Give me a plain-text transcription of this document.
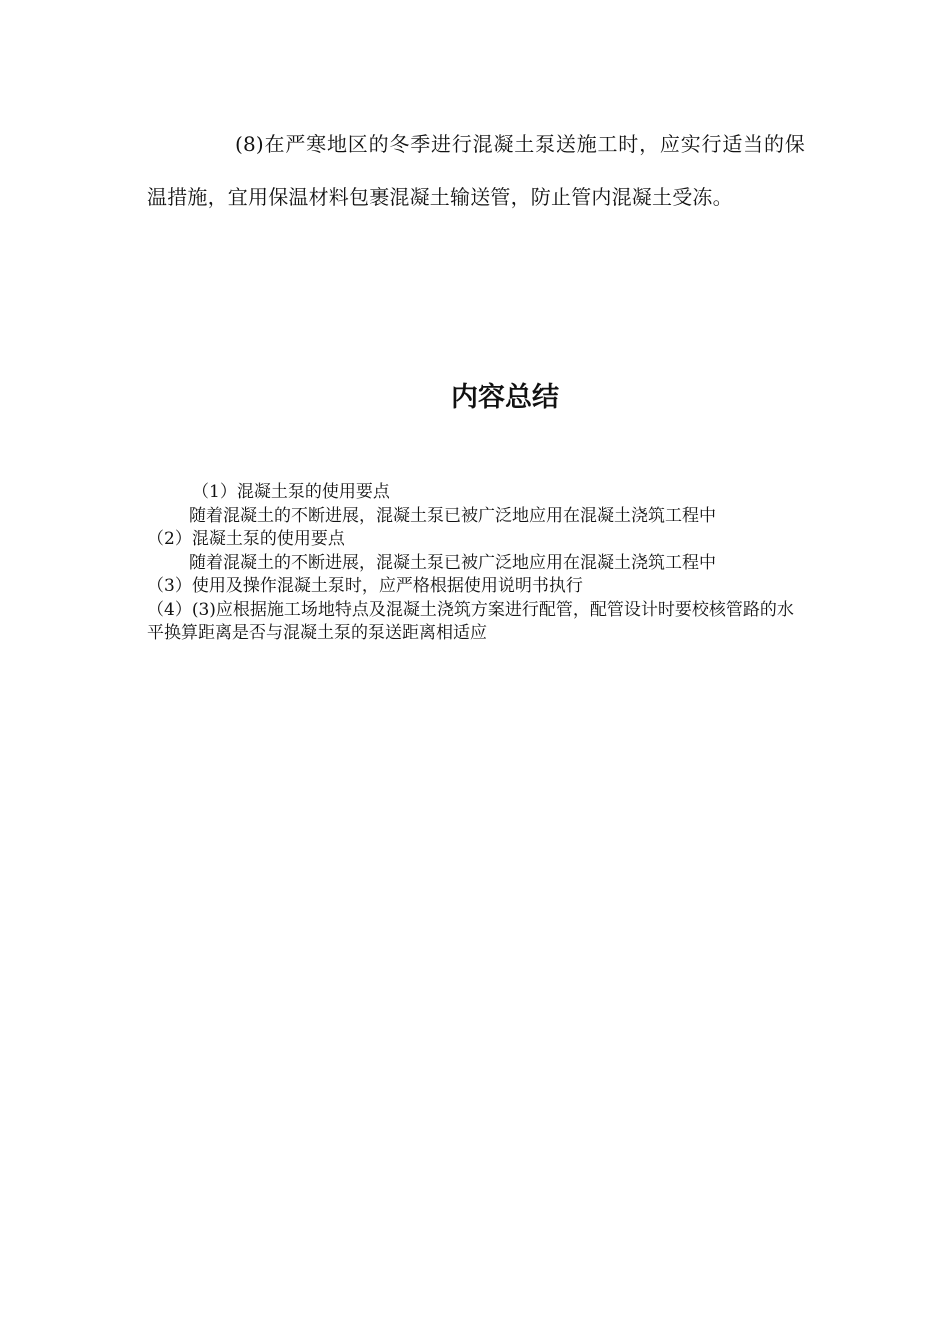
(8)在严寒地区的冬季进行混凝土泵送施工时，应实行适当的保温措施，宜用保温材料包裹混凝土输送管，防止管内混凝土受冻。

内容总结

（1）混凝土泵的使用要点

随着混凝土的不断进展，混凝土泵已被广泛地应用在混凝土浇筑工程中

（2）混凝土泵的使用要点

随着混凝土的不断进展，混凝土泵已被广泛地应用在混凝土浇筑工程中

（3）使用及操作混凝土泵时，应严格根据使用说明书执行

（4）(3)应根据施工场地特点及混凝土浇筑方案进行配管，配管设计时要校核管路的水平换算距离是否与混凝土泵的泵送距离相适应
